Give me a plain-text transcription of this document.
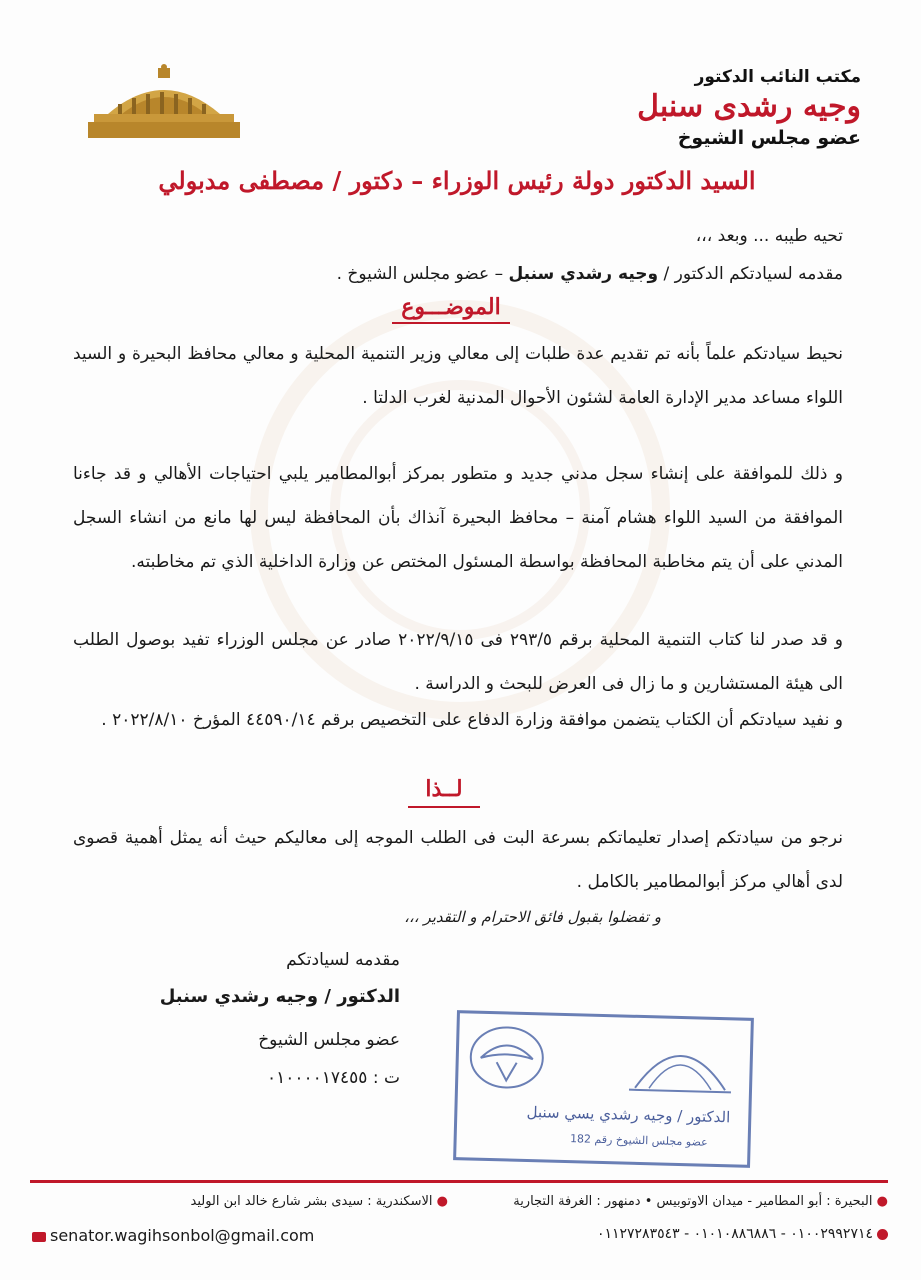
مكتب النائب الدكتور
وجيه رشدى سنبل
عضو مجلس الشيوخ
السيد الدكتور دولة رئيس الوزراء – دكتور / مصطفى مدبولي
تحيه طيبه ... وبعد ،،،
مقدمه لسيادتكم الدكتور / وجيه رشدي سنبل – عضو مجلس الشيوخ .
الموضـــوع
نحيط سيادتكم علماً بأنه تم تقديم عدة طلبات إلى معالي وزير التنمية المحلية و معالي محافظ البحيرة و السيد اللواء مساعد مدير الإدارة العامة لشئون الأحوال المدنية لغرب الدلتا .
و ذلك للموافقة على إنشاء سجل مدني جديد و متطور بمركز أبوالمطامير يلبي احتياجات الأهالي و قد جاءنا الموافقة من السيد اللواء هشام آمنة – محافظ البحيرة آنذاك بأن المحافظة ليس لها مانع من انشاء السجل المدني على أن يتم مخاطبة المحافظة بواسطة المسئول المختص عن وزارة الداخلية الذي تم مخاطبته.
و قد صدر لنا كتاب التنمية المحلية برقم ٢٩٣/٥ فى ٢٠٢٢/٩/١٥ صادر عن مجلس الوزراء تفيد بوصول الطلب الى هيئة المستشارين و ما زال فى العرض للبحث و الدراسة .
و نفيد سيادتكم أن الكتاب يتضمن موافقة وزارة الدفاع على التخصيص برقم ٤٤٥٩٠/١٤ المؤرخ ٢٠٢٢/٨/١٠ .
لــذا
نرجو من سيادتكم إصدار تعليماتكم بسرعة البت فى الطلب الموجه إلى معاليكم حيث أنه يمثل أهمية قصوى لدى أهالي مركز أبوالمطامير بالكامل .
و تفضلوا بقبول فائق الاحترام و التقدير ،،،
مقدمه لسيادتكم
الدكتور / وجيه رشدي سنبل
عضو مجلس الشيوخ
ت : ٠١٠٠٠٠١٧٤٥٥
الدكتور / وجيه رشدي يسي سنبل
عضو مجلس الشيوخ رقم 182
● البحيرة : أبو المطامير - ميدان الاوتوبيس • دمنهور : الغرفة التجارية
● الاسكندرية : سيدى بشر شارع خالد ابن الوليد
senator.wagihsonbol@gmail.com	٠١٠٠٢٩٩٢٧١٤ - ٠١٠١٠٨٨٦٨٨٦ - ٠١١٢٧٢٨٣٥٤٣
